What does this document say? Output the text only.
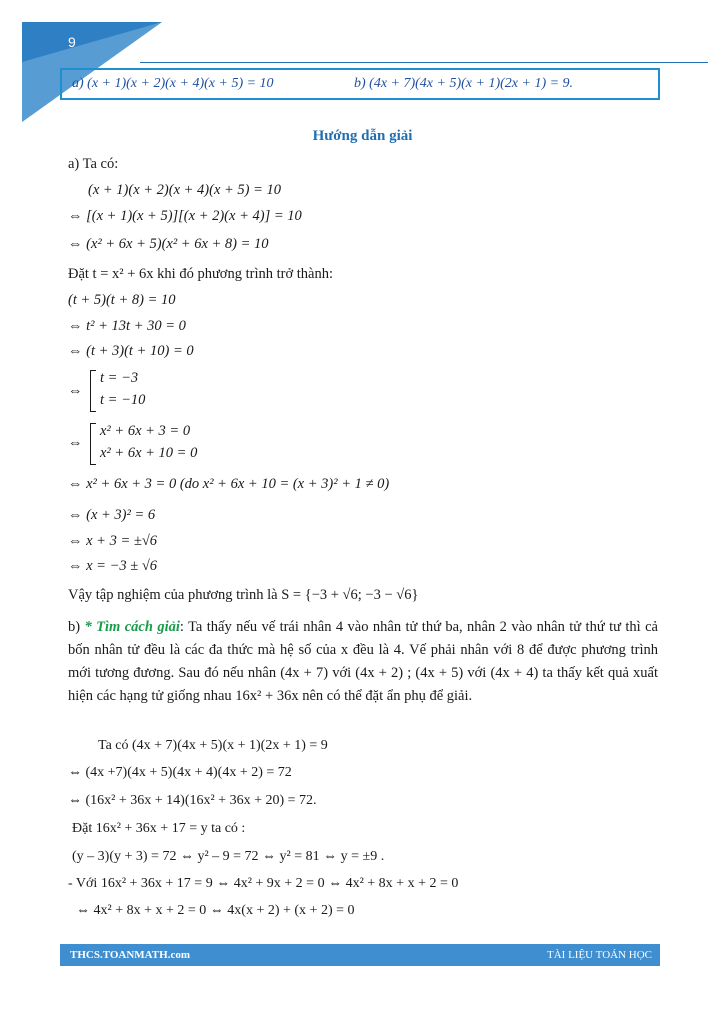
9
a) (x + 1)(x + 2)(x + 4)(x + 5) = 10	b) (4x + 7)(4x + 5)(x + 1)(2x + 1) = 9.
Hướng dẫn giải
a) Ta có:
(x + 1)(x + 2)(x + 4)(x + 5) = 10
⇔ [(x + 1)(x + 5)][(x + 2)(x + 4)] = 10
⇔ (x² + 6x + 5)(x² + 6x + 8) = 10
Đặt t = x² + 6x khi đó phương trình trở thành:
(t + 5)(t + 8) = 10
⇔ t² + 13t + 30 = 0
⇔ (t + 3)(t + 10) = 0
⇔
t = −3
t = −10
⇔
x² + 6x + 3 = 0
x² + 6x + 10 = 0
⇔ x² + 6x + 3 = 0 (do x² + 6x + 10 = (x + 3)² + 1 ≠ 0)
⇔ (x + 3)² = 6
⇔ x + 3 = ±√6
⇔ x = −3 ± √6
Vậy tập nghiệm của phương trình là S = {−3 + √6; −3 − √6}
b) * Tìm cách giải: Ta thấy nếu vế trái nhân 4 vào nhân tử thứ ba, nhân 2 vào nhân tử thứ tư thì cả bốn nhân tử đều là các đa thức mà hệ số của x đều là 4. Vế phải nhân với 8 để được phương trình mới tương đương. Sau đó nếu nhân (4x + 7) với (4x + 2) ; (4x + 5) với (4x + 4) ta thấy kết quả xuất hiện các hạng tử giống nhau 16x² + 36x nên có thể đặt ẩn phụ để giải.
Ta có (4x + 7)(4x + 5)(x + 1)(2x + 1) = 9
⇔ (4x +7)(4x + 5)(4x + 4)(4x + 2) = 72
⇔ (16x² + 36x + 14)(16x² + 36x + 20) = 72.
Đặt 16x² + 36x + 17 = y ta có :
(y – 3)(y + 3) = 72 ⇔ y² – 9 = 72 ⇔ y² = 81 ⇔ y = ±9 .
- Với 16x² + 36x + 17 = 9 ⇔ 4x² + 9x + 2 = 0 ⇔ 4x² + 8x + x + 2 = 0
⇔ 4x² + 8x + x + 2 = 0 ⇔ 4x(x + 2) + (x + 2) = 0
THCS.TOANMATH.com	TÀI LIỆU TOÁN HỌC
